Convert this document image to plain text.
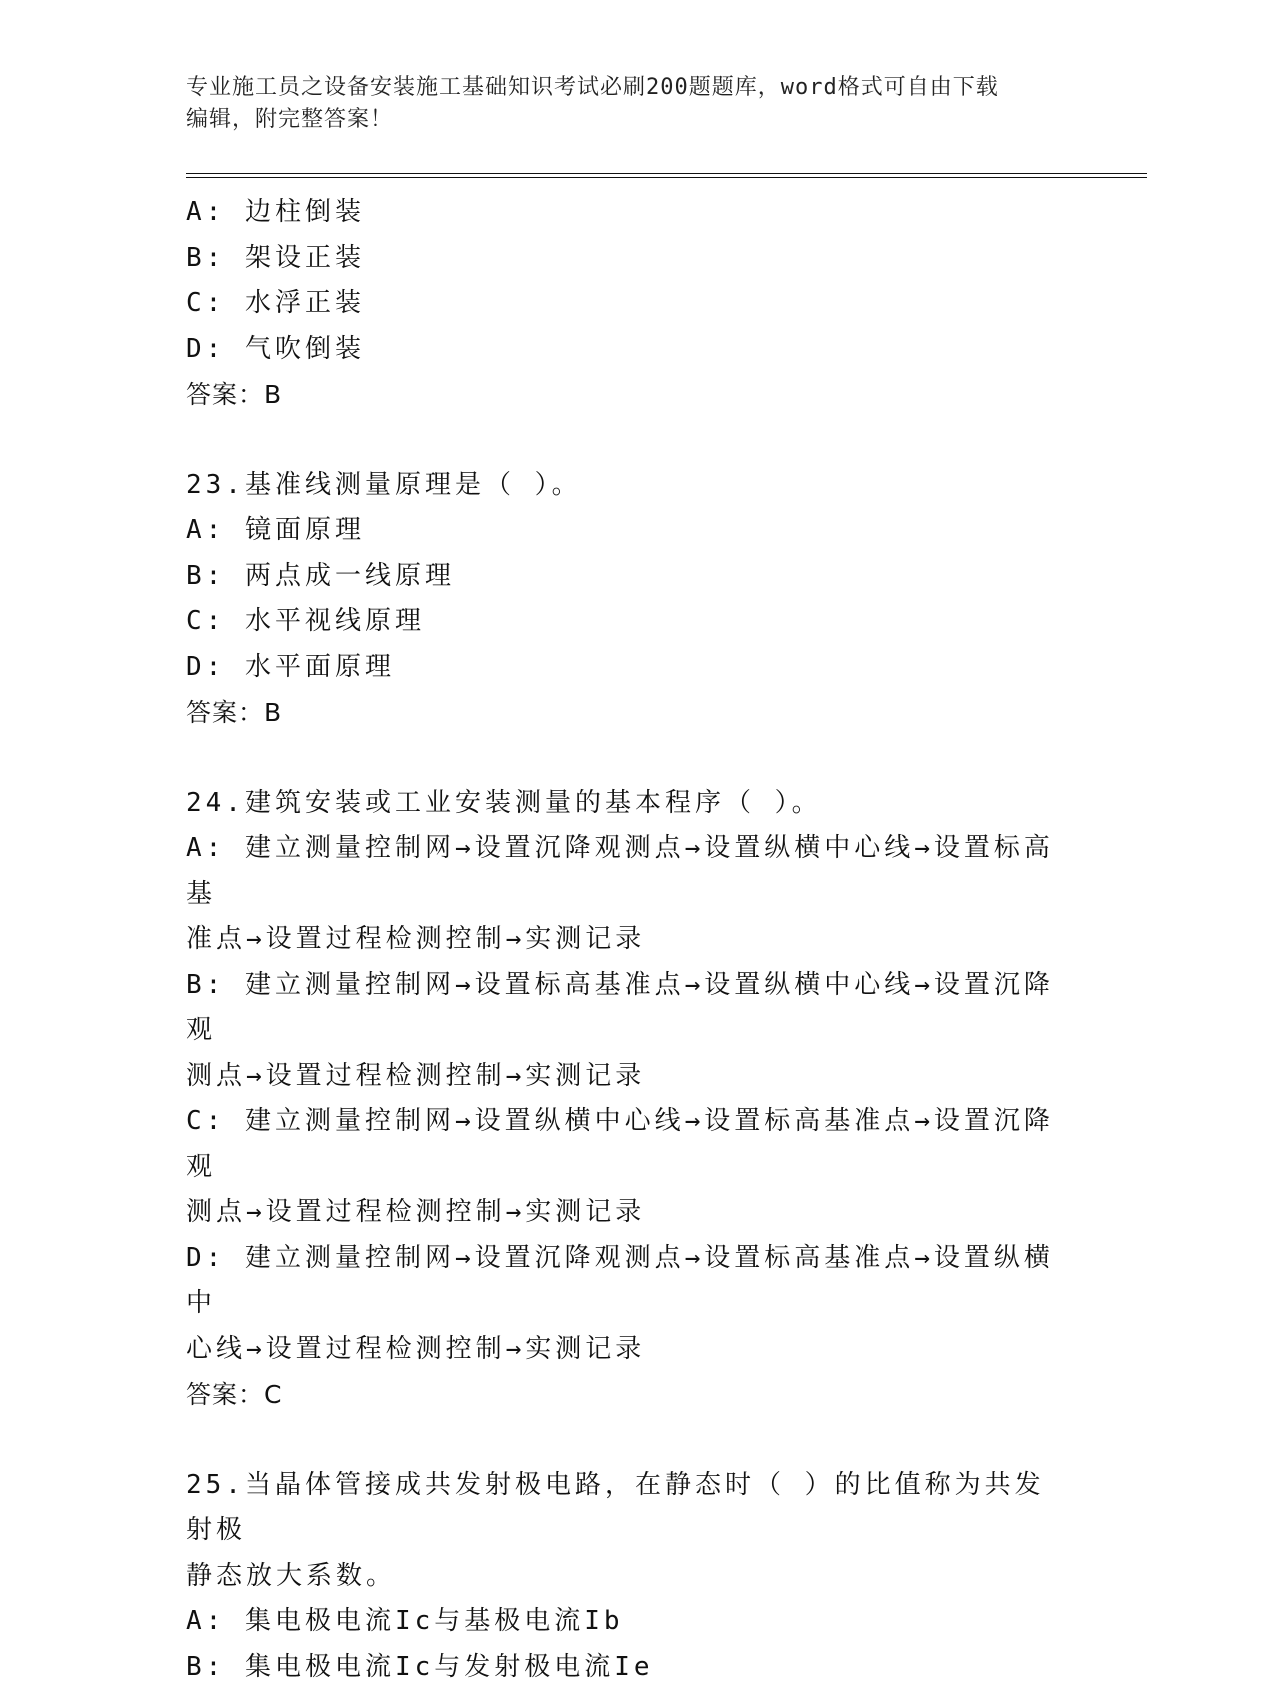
专业施工员之设备安装施工基础知识考试必刷200题题库，word格式可自由下载
编辑，附完整答案！

A: 边柱倒装

B: 架设正装

C: 水浮正装

D: 气吹倒装

答案：B

23.基准线测量原理是（ ）。

A: 镜面原理

B: 两点成一线原理

C: 水平视线原理

D: 水平面原理

答案：B

24.建筑安装或工业安装测量的基本程序（ ）。

A: 建立测量控制网→设置沉降观测点→设置纵横中心线→设置标高基

准点→设置过程检测控制→实测记录

B: 建立测量控制网→设置标高基准点→设置纵横中心线→设置沉降观

测点→设置过程检测控制→实测记录

C: 建立测量控制网→设置纵横中心线→设置标高基准点→设置沉降观

测点→设置过程检测控制→实测记录

D: 建立测量控制网→设置沉降观测点→设置标高基准点→设置纵横中

心线→设置过程检测控制→实测记录

答案：C

25.当晶体管接成共发射极电路，在静态时（ ）的比值称为共发射极

静态放大系数。

A: 集电极电流Ic与基极电流Ib

B: 集电极电流Ic与发射极电流Ie
